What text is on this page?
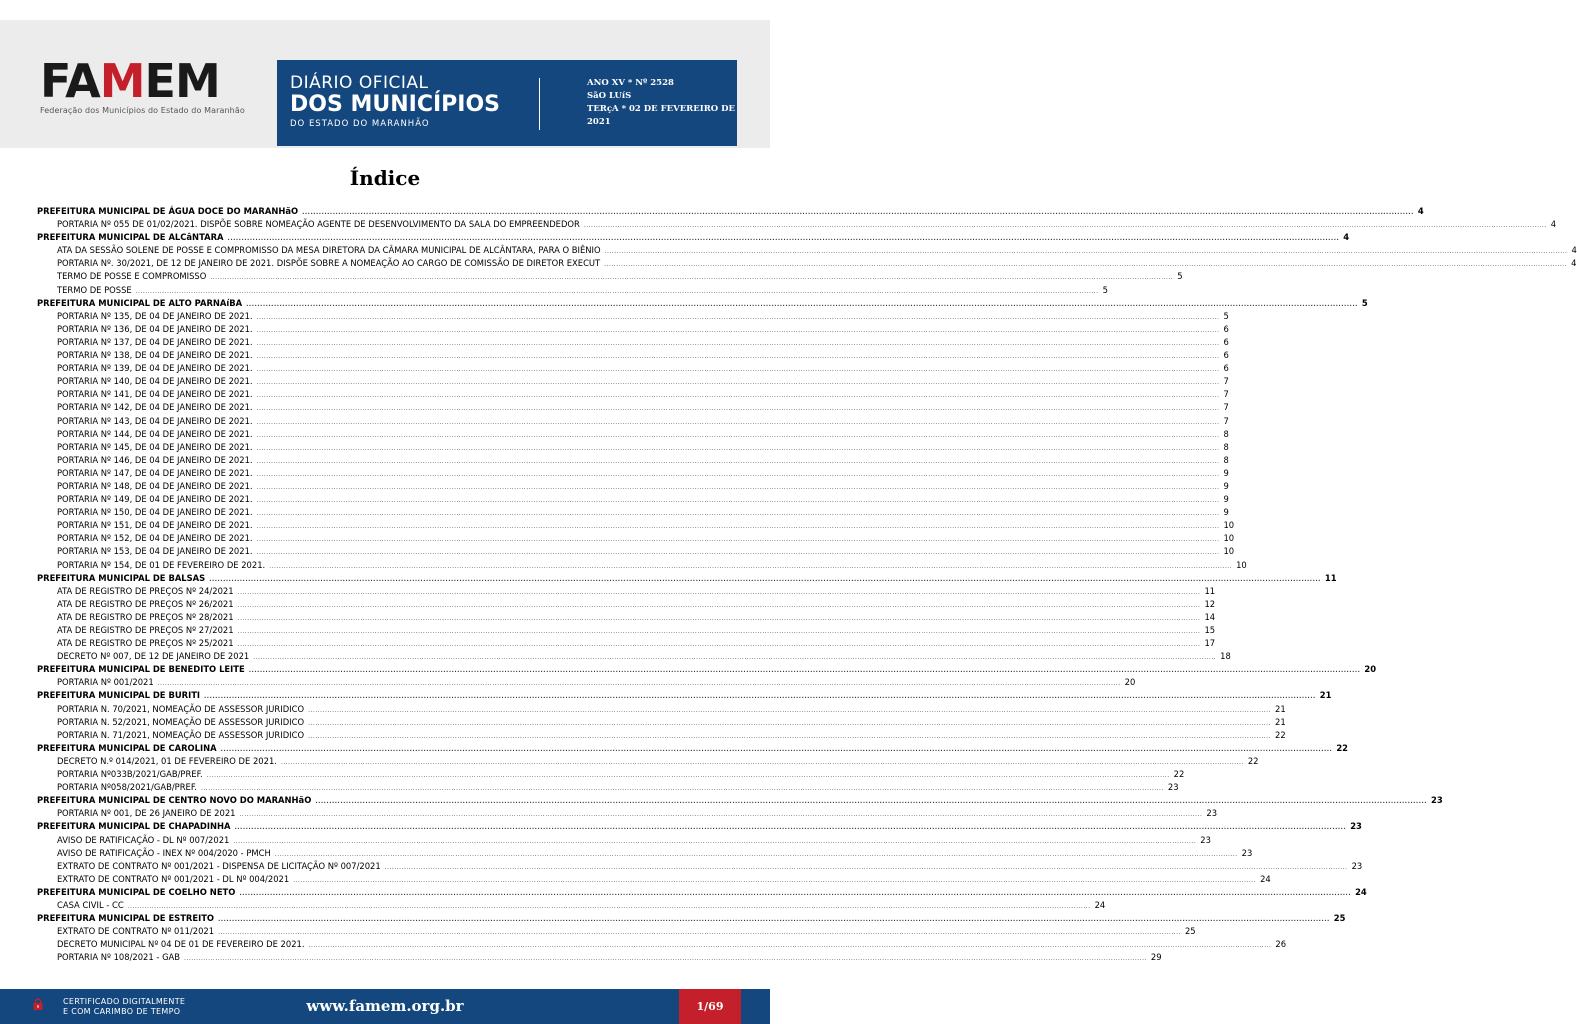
FAMEM
Federação dos Municípios do Estado do Maranhão
DIÁRIO OFICIAL
DOS MUNICÍPIOS
DO ESTADO DO MARANHÃO
ANO XV * Nº 2528
SãO LUíS
TERçA * 02 DE FEVEREIRO DE
2021
Índice
PREFEITURA MUNICIPAL DE ÁGUA DOCE DO MARANHãO ................................................................................................................................................................................................................................................................................................................................................................................................................ 4
PORTARIA Nº 055 DE 01/02/2021. DISPÕE SOBRE NOMEAÇÃO AGENTE DE DESENVOLVIMENTO DA SALA DO EMPREENDEDOR ................................................................................................................................................................................................................................................................................................................................................................................................................ 4
PREFEITURA MUNICIPAL DE ALCâNTARA ................................................................................................................................................................................................................................................................................................................................................................................................................ 4
ATA DA SESSÃO SOLENE DE POSSE E COMPROMISSO DA MESA DIRETORA DA CÂMARA MUNICIPAL DE ALCÂNTARA, PARA O BIÊNIO ................................................................................................................................................................................................................................................................................................................................................................................................................ 4
PORTARIA Nº. 30/2021, DE 12 DE JANEIRO DE 2021. DISPÕE SOBRE A NOMEAÇÃO AO CARGO DE COMISSÃO DE DIRETOR EXECUT ................................................................................................................................................................................................................................................................................................................................................................................................................ 4
TERMO DE POSSE E COMPROMISSO ................................................................................................................................................................................................................................................................................................................................................................................................................ 5
TERMO DE POSSE ................................................................................................................................................................................................................................................................................................................................................................................................................ 5
PREFEITURA MUNICIPAL DE ALTO PARNAíBA ................................................................................................................................................................................................................................................................................................................................................................................................................ 5
PORTARIA Nº 135, DE 04 DE JANEIRO DE 2021. ................................................................................................................................................................................................................................................................................................................................................................................................................ 5
PORTARIA Nº 136, DE 04 DE JANEIRO DE 2021. ................................................................................................................................................................................................................................................................................................................................................................................................................ 6
PORTARIA Nº 137, DE 04 DE JANEIRO DE 2021. ................................................................................................................................................................................................................................................................................................................................................................................................................ 6
PORTARIA Nº 138, DE 04 DE JANEIRO DE 2021. ................................................................................................................................................................................................................................................................................................................................................................................................................ 6
PORTARIA Nº 139, DE 04 DE JANEIRO DE 2021. ................................................................................................................................................................................................................................................................................................................................................................................................................ 6
PORTARIA Nº 140, DE 04 DE JANEIRO DE 2021. ................................................................................................................................................................................................................................................................................................................................................................................................................ 7
PORTARIA Nº 141, DE 04 DE JANEIRO DE 2021. ................................................................................................................................................................................................................................................................................................................................................................................................................ 7
PORTARIA Nº 142, DE 04 DE JANEIRO DE 2021. ................................................................................................................................................................................................................................................................................................................................................................................................................ 7
PORTARIA Nº 143, DE 04 DE JANEIRO DE 2021. ................................................................................................................................................................................................................................................................................................................................................................................................................ 7
PORTARIA Nº 144, DE 04 DE JANEIRO DE 2021. ................................................................................................................................................................................................................................................................................................................................................................................................................ 8
PORTARIA Nº 145, DE 04 DE JANEIRO DE 2021. ................................................................................................................................................................................................................................................................................................................................................................................................................ 8
PORTARIA Nº 146, DE 04 DE JANEIRO DE 2021. ................................................................................................................................................................................................................................................................................................................................................................................................................ 8
PORTARIA Nº 147, DE 04 DE JANEIRO DE 2021. ................................................................................................................................................................................................................................................................................................................................................................................................................ 9
PORTARIA Nº 148, DE 04 DE JANEIRO DE 2021. ................................................................................................................................................................................................................................................................................................................................................................................................................ 9
PORTARIA Nº 149, DE 04 DE JANEIRO DE 2021. ................................................................................................................................................................................................................................................................................................................................................................................................................ 9
PORTARIA Nº 150, DE 04 DE JANEIRO DE 2021. ................................................................................................................................................................................................................................................................................................................................................................................................................ 9
PORTARIA Nº 151, DE 04 DE JANEIRO DE 2021. ................................................................................................................................................................................................................................................................................................................................................................................................................ 10
PORTARIA Nº 152, DE 04 DE JANEIRO DE 2021. ................................................................................................................................................................................................................................................................................................................................................................................................................ 10
PORTARIA Nº 153, DE 04 DE JANEIRO DE 2021. ................................................................................................................................................................................................................................................................................................................................................................................................................ 10
PORTARIA Nº 154, DE 01 DE FEVEREIRO DE 2021. ................................................................................................................................................................................................................................................................................................................................................................................................................ 10
PREFEITURA MUNICIPAL DE BALSAS ................................................................................................................................................................................................................................................................................................................................................................................................................ 11
ATA DE REGISTRO DE PREÇOS Nº 24/2021 ................................................................................................................................................................................................................................................................................................................................................................................................................ 11
ATA DE REGISTRO DE PREÇOS Nº 26/2021 ................................................................................................................................................................................................................................................................................................................................................................................................................ 12
ATA DE REGISTRO DE PREÇOS Nº 28/2021 ................................................................................................................................................................................................................................................................................................................................................................................................................ 14
ATA DE REGISTRO DE PREÇOS Nº 27/2021 ................................................................................................................................................................................................................................................................................................................................................................................................................ 15
ATA DE REGISTRO DE PREÇOS Nº 25/2021 ................................................................................................................................................................................................................................................................................................................................................................................................................ 17
DECRETO Nº 007, DE 12 DE JANEIRO DE 2021 ................................................................................................................................................................................................................................................................................................................................................................................................................ 18
PREFEITURA MUNICIPAL DE BENEDITO LEITE ................................................................................................................................................................................................................................................................................................................................................................................................................ 20
PORTARIA Nº 001/2021 ................................................................................................................................................................................................................................................................................................................................................................................................................ 20
PREFEITURA MUNICIPAL DE BURITI ................................................................................................................................................................................................................................................................................................................................................................................................................ 21
PORTARIA N. 70/2021, NOMEAÇÃO DE ASSESSOR JURIDICO ................................................................................................................................................................................................................................................................................................................................................................................................................ 21
PORTARIA N. 52/2021, NOMEAÇÃO DE ASSESSOR JURIDICO ................................................................................................................................................................................................................................................................................................................................................................................................................ 21
PORTARIA N. 71/2021, NOMEAÇÃO DE ASSESSOR JURIDICO ................................................................................................................................................................................................................................................................................................................................................................................................................ 22
PREFEITURA MUNICIPAL DE CAROLINA ................................................................................................................................................................................................................................................................................................................................................................................................................ 22
DECRETO N.º 014/2021, 01 DE FEVEREIRO DE 2021. ................................................................................................................................................................................................................................................................................................................................................................................................................ 22
PORTARIA Nº033B/2021/GAB/PREF. ................................................................................................................................................................................................................................................................................................................................................................................................................ 22
PORTARIA Nº058/2021/GAB/PREF. ................................................................................................................................................................................................................................................................................................................................................................................................................ 23
PREFEITURA MUNICIPAL DE CENTRO NOVO DO MARANHãO ................................................................................................................................................................................................................................................................................................................................................................................................................ 23
PORTARIA Nº 001, DE 26 JANEIRO DE 2021 ................................................................................................................................................................................................................................................................................................................................................................................................................ 23
PREFEITURA MUNICIPAL DE CHAPADINHA ................................................................................................................................................................................................................................................................................................................................................................................................................ 23
AVISO DE RATIFICAÇÃO - DL Nº 007/2021 ................................................................................................................................................................................................................................................................................................................................................................................................................ 23
AVISO DE RATIFICAÇÃO - INEX Nº 004/2020 - PMCH ................................................................................................................................................................................................................................................................................................................................................................................................................ 23
EXTRATO DE CONTRATO Nº 001/2021 - DISPENSA DE LICITAÇÃO Nº 007/2021 ................................................................................................................................................................................................................................................................................................................................................................................................................ 23
EXTRATO DE CONTRATO Nº 001/2021 - DL Nº 004/2021 ................................................................................................................................................................................................................................................................................................................................................................................................................ 24
PREFEITURA MUNICIPAL DE COELHO NETO ................................................................................................................................................................................................................................................................................................................................................................................................................ 24
CASA CIVIL - CC ................................................................................................................................................................................................................................................................................................................................................................................................................ 24
PREFEITURA MUNICIPAL DE ESTREITO ................................................................................................................................................................................................................................................................................................................................................................................................................ 25
EXTRATO DE CONTRATO Nº 011/2021 ................................................................................................................................................................................................................................................................................................................................................................................................................ 25
DECRETO MUNICIPAL Nº 04 DE 01 DE FEVEREIRO DE 2021. ................................................................................................................................................................................................................................................................................................................................................................................................................ 26
PORTARIA Nº 108/2021 - GAB ................................................................................................................................................................................................................................................................................................................................................................................................................ 29
CERTIFICADO DIGITALMENTE
E COM CARIMBO DE TEMPO	www.famem.org.br	1/69
